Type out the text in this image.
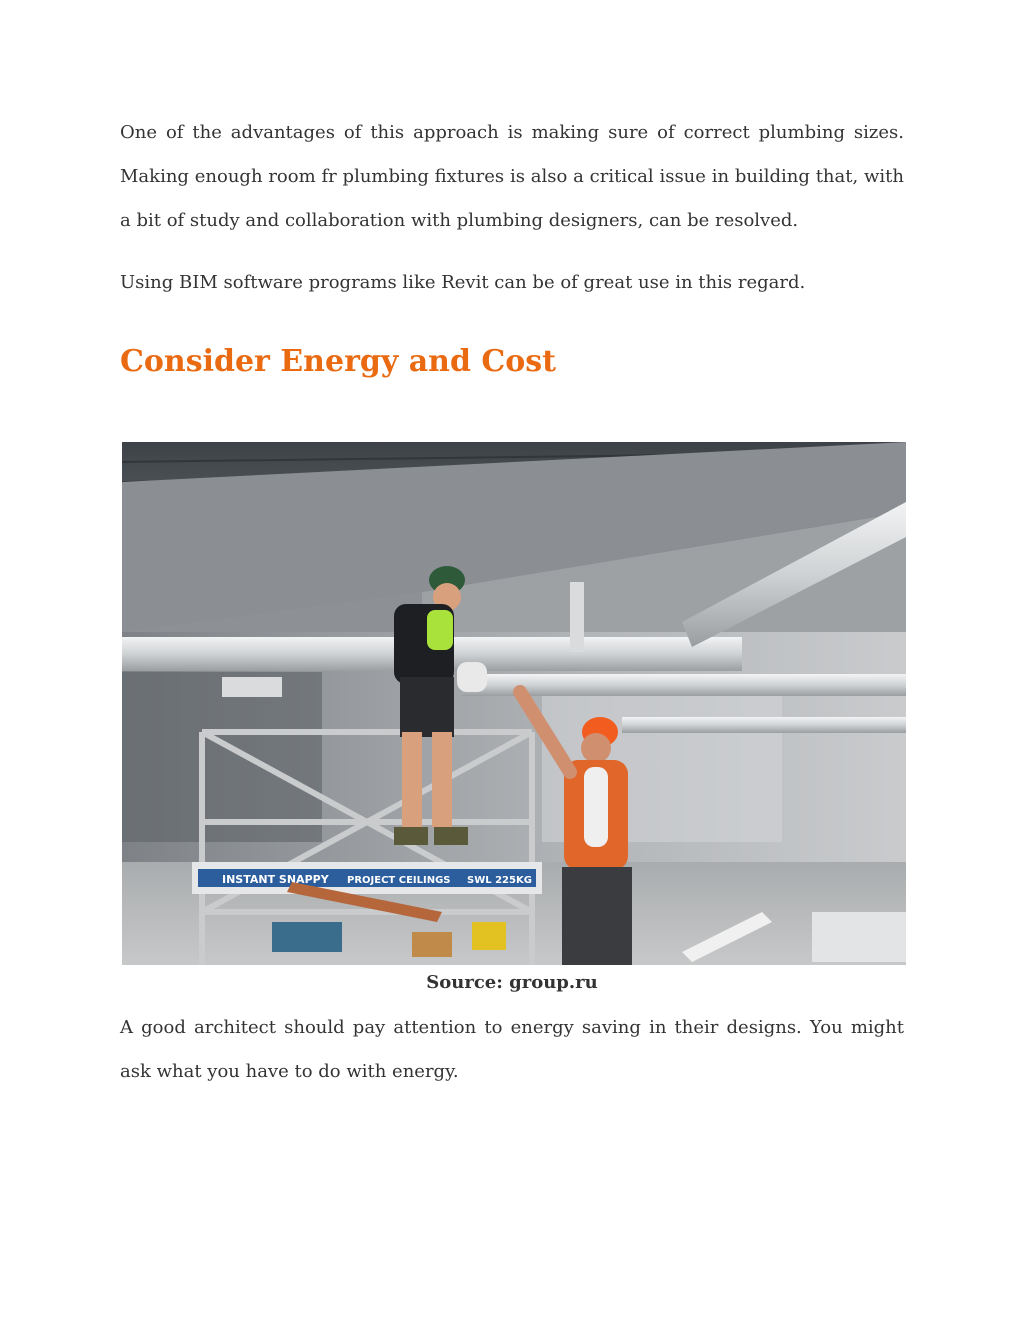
One of the advantages of this approach is making sure of correct plumbing sizes. Making enough room fr plumbing fixtures is also a critical issue in building that, with a bit of study and collaboration with plumbing designers, can be resolved.

Using BIM software programs like Revit can be of great use in this regard.

Consider Energy and Cost
INSTANT SNAPPY PROJECT CEILINGS SWL 225KG

Source: group.ru

A good architect should pay attention to energy saving in their designs. You might ask what you have to do with energy.
